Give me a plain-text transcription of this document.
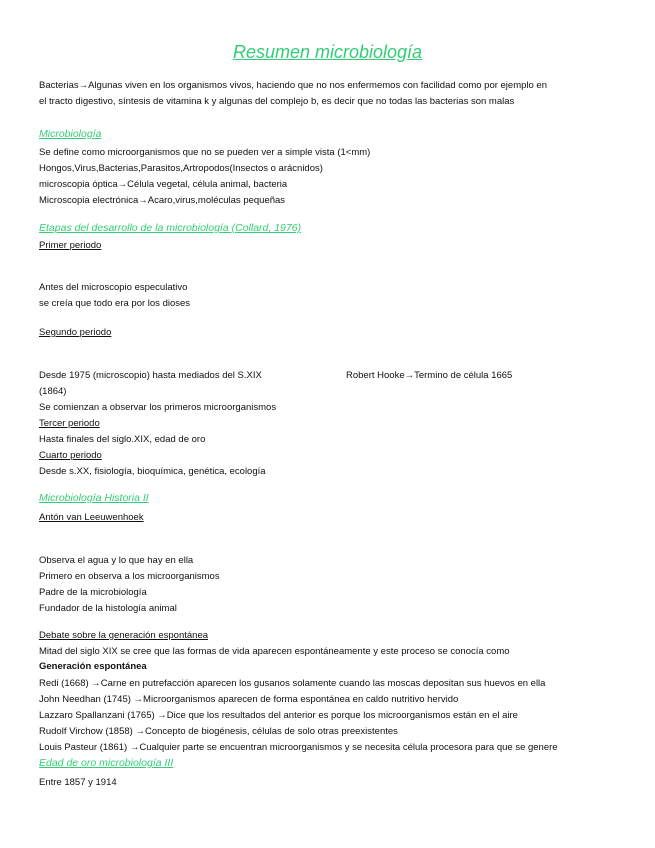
Resumen microbiología
Bacterias→Algunas viven en los organismos vivos, haciendo que no nos enfermemos con facilidad como por ejemplo en
el tracto digestivo, síntesis de vitamina k y algunas del complejo b, es decir que no todas las bacterias son malas
Microbiología
Se define como microorganismos que no se pueden ver a simple vista (1<mm)
Hongos,Virus,Bacterias,Parasitos,Artropodos(Insectos o arácnidos)
microscopia óptica→Célula vegetal, célula animal, bacteria
Microscopia electrónica→Acaro,virus,moléculas pequeñas
Etapas del desarrollo de la microbiología (Collard, 1976)
Primer periodo
Antes del microscopio especulativo
se creía que todo era por los dioses
Segundo periodo
Desde 1975 (microscopio) hasta mediados del S.XIX	Robert Hooke→Termino de célula 1665
(1864)
Se comienzan a observar los primeros microorganismos
Tercer periodo
Hasta finales del siglo.XIX, edad de oro
Cuarto periodo
Desde s.XX, fisiología, bioquímica, genética, ecología
Microbiología Historia II
Antón van Leeuwenhoek
Observa el agua y lo que hay en ella
Primero en observa a los microorganismos
Padre de la microbiología
Fundador de la histología animal
Debate sobre la generación espontánea
Mitad del siglo XIX se cree que las formas de vida aparecen espontáneamente y este proceso se conocía como
Generación espontánea
Redi (1668) →Carne en putrefacción aparecen los gusanos solamente cuando las moscas depositan sus huevos en ella
John Needhan (1745) →Microorganismos aparecen de forma espontánea en caldo nutritivo hervido
Lazzaro Spallanzani (1765) →Dice que los resultados del anterior es porque los microorganismos están en el aire
Rudolf Virchow (1858) →Concepto de biogénesis, células de solo otras preexistentes
Louis Pasteur (1861) →Cualquier parte se encuentran microorganismos y se necesita célula procesora para que se genere
Edad de oro microbiología III
Entre 1857 y 1914
